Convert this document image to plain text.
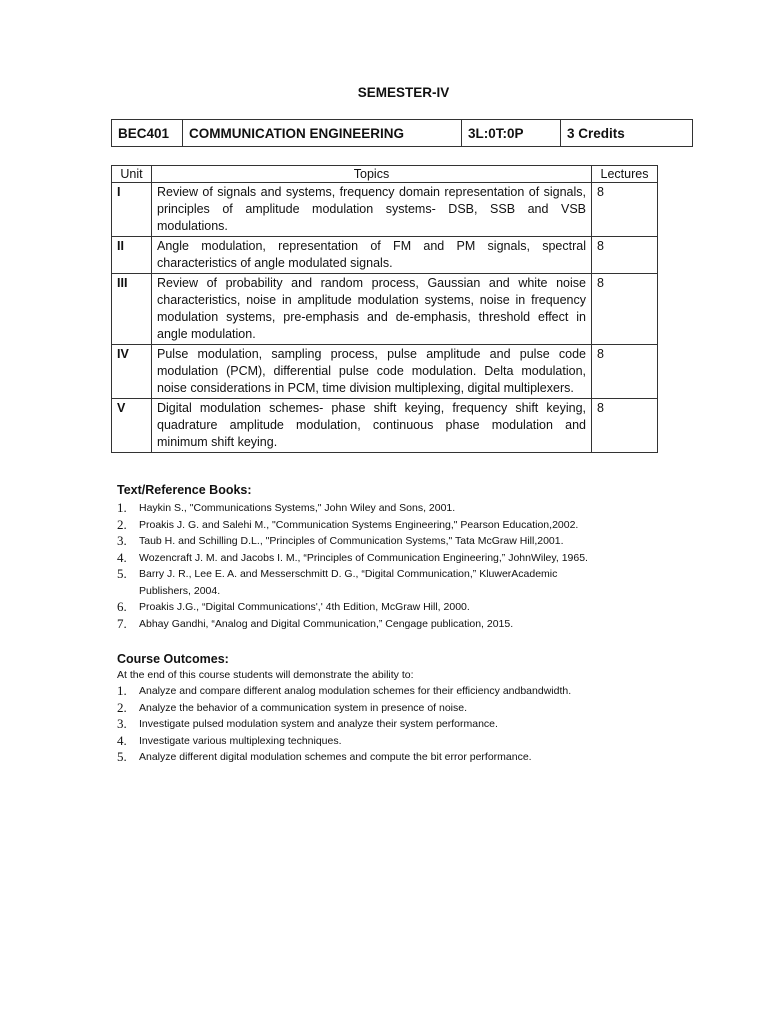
SEMESTER-IV
BEC401	COMMUNICATION ENGINEERING	3L:0T:0P	3 Credits
Unit	Topics	Lectures
I	Review of signals and systems, frequency domain representation of signals, principles of amplitude modulation systems- DSB, SSB and VSB modulations.	8
II	Angle modulation, representation of FM and PM signals, spectral characteristics of angle modulated signals.	8
III	Review of probability and random process, Gaussian and white noise characteristics, noise in amplitude modulation systems, noise in frequency modulation systems, pre-emphasis and de-emphasis, threshold effect in angle modulation.	8
IV	Pulse modulation, sampling process, pulse amplitude and pulse code modulation (PCM), differential pulse code modulation. Delta modulation, noise considerations in PCM, time division multiplexing, digital multiplexers.	8
V	Digital modulation schemes- phase shift keying, frequency shift keying, quadrature amplitude modulation, continuous phase modulation and minimum shift keying.	8
Text/Reference Books:
1.	Haykin S., "Communications Systems," John Wiley and Sons, 2001.
2.	Proakis J. G. and Salehi M., "Communication Systems Engineering," Pearson Education,2002.
3.	Taub H. and Schilling D.L., "Principles of Communication Systems," Tata McGraw Hill,2001.
4.	Wozencraft J. M. and Jacobs I. M., “Principles of Communication Engineering,” JohnWiley, 1965.
5.	Barry J. R., Lee E. A. and Messerschmitt D. G., “Digital Communication,” KluwerAcademic Publishers, 2004.
6.	Proakis J.G., “Digital Communications',' 4th Edition, McGraw Hill, 2000.
7.	Abhay Gandhi, “Analog and Digital Communication,” Cengage publication, 2015.
Course Outcomes:
At the end of this course students will demonstrate the ability to:
1.	Analyze and compare different analog modulation schemes for their efficiency andbandwidth.
2.	Analyze the behavior of a communication system in presence of noise.
3.	Investigate pulsed modulation system and analyze their system performance.
4.	Investigate various multiplexing techniques.
5.	Analyze different digital modulation schemes and compute the bit error performance.
